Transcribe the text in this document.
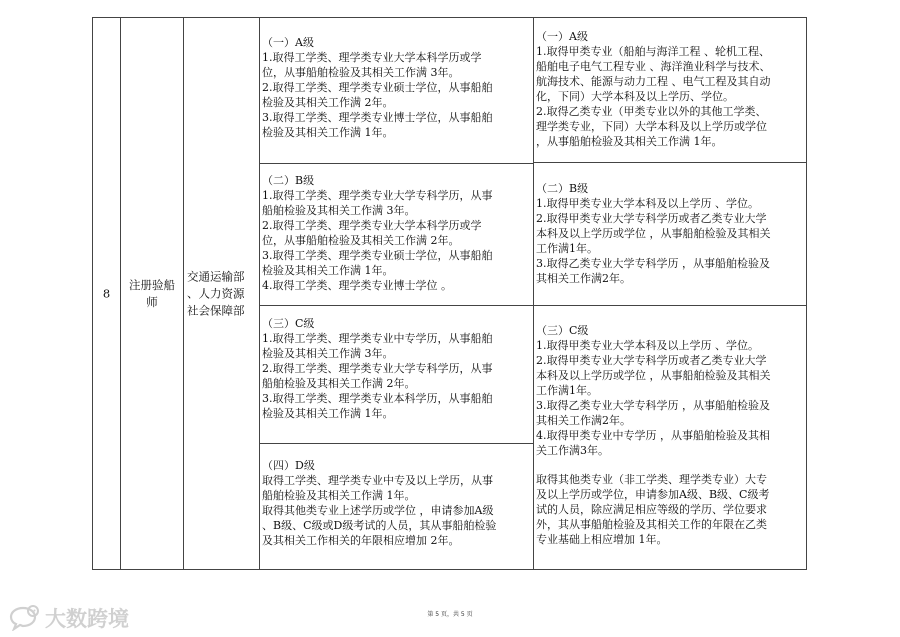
8
注册验船
师
交通运输部
、人力资源
社会保障部
（一）A级
1.取得工学类、理学类专业大学本科学历或学
位，从事船舶检验及其相关工作满 3年。
2.取得工学类、理学类专业硕士学位，从事船舶
检验及其相关工作满 2年。
3.取得工学类、理学类专业博士学位，从事船舶
检验及其相关工作满 1年。
（二）B级
1.取得工学类、理学类专业大学专科学历，从事
船舶检验及其相关工作满 3年。
2.取得工学类、理学类专业大学本科学历或学
位，从事船舶检验及其相关工作满 2年。
3.取得工学类、理学类专业硕士学位，从事船舶
检验及其相关工作满 1年。
4.取得工学类、理学类专业博士学位 。
（三）C级
1.取得工学类、理学类专业中专学历，从事船舶
检验及其相关工作满 3年。
2.取得工学类、理学类专业大学专科学历，从事
船舶检验及其相关工作满 2年。
3.取得工学类、理学类专业本科学历，从事船舶
检验及其相关工作满 1年。
（四）D级
取得工学类、理学类专业中专及以上学历，从事
船舶检验及其相关工作满 1年。
取得其他类专业上述学历或学位 ，申请参加A级
、B级、C级或D级考试的人员，其从事船舶检验
及其相关工作相关的年限相应增加 2年。
（一）A级
1.取得甲类专业（船舶与海洋工程 、轮机工程、
船舶电子电气工程专业 、海洋渔业科学与技术、
航海技术、能源与动力工程 、电气工程及其自动
化，下同）大学本科及以上学历、学位。
2.取得乙类专业（甲类专业以外的其他工学类、
理学类专业，下同）大学本科及以上学历或学位
，从事船舶检验及其相关工作满 1年。
（二）B级
1.取得甲类专业大学本科及以上学历 、学位。
2.取得甲类专业大学专科学历或者乙类专业大学
本科及以上学历或学位 ，从事船舶检验及其相关
工作满1年。
3.取得乙类专业大学专科学历 ，从事船舶检验及
其相关工作满2年。
（三）C级
1.取得甲类专业大学本科及以上学历 、学位。
2.取得甲类专业大学专科学历或者乙类专业大学
本科及以上学历或学位 ，从事船舶检验及其相关
工作满1年。
3.取得乙类专业大学专科学历 ，从事船舶检验及
其相关工作满2年。
4.取得甲类专业中专学历 ，从事船舶检验及其相
关工作满3年。
取得其他类专业（非工学类、理学类专业）大专
及以上学历或学位，申请参加A级、B级、C级考
试的人员，除应满足相应等级的学历、学位要求
外，其从事船舶检验及其相关工作的年限在乙类
专业基础上相应增加 1年。
第 5 页，共 5 页
大数跨境
